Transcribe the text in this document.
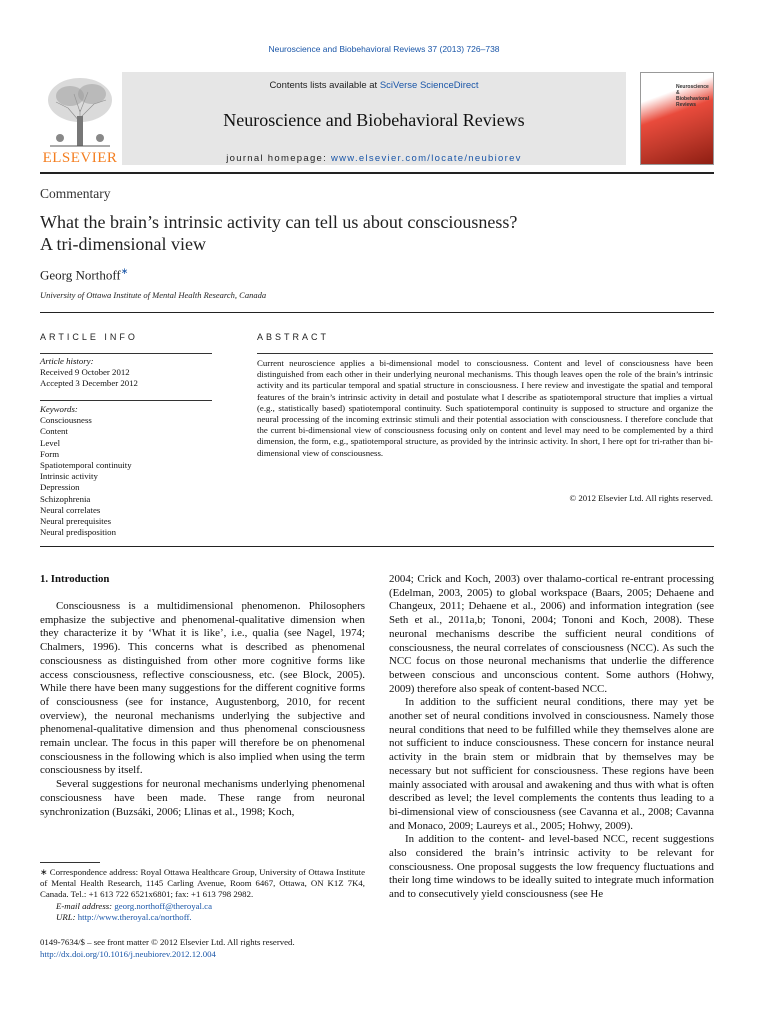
Neuroscience and Biobehavioral Reviews 37 (2013) 726–738
ELSEVIER
Contents lists available at SciVerse ScienceDirect
Neuroscience and Biobehavioral Reviews
journal homepage: www.elsevier.com/locate/neubiorev
Neuroscience & Biobehavioral Reviews
Commentary
What the brain’s intrinsic activity can tell us about consciousness?
A tri-dimensional view
Georg Northoff∗
University of Ottawa Institute of Mental Health Research, Canada
ARTICLE INFO	ABSTRACT
Article history:
Received 9 October 2012
Accepted 3 December 2012
Keywords:
Consciousness
Content
Level
Form
Spatiotemporal continuity
Intrinsic activity
Depression
Schizophrenia
Neural correlates
Neural prerequisites
Neural predisposition
Current neuroscience applies a bi-dimensional model to consciousness. Content and level of consciousness have been distinguished from each other in their underlying neuronal mechanisms. This though leaves open the role of the brain’s intrinsic activity and its particular temporal and spatial structure in consciousness. I here review and investigate the spatial and temporal features of the brain’s intrinsic activity in detail and postulate what I describe as spatiotemporal structure that implies a virtual (e.g., statistically based) spatiotemporal continuity. Such spatiotemporal continuity is supposed to structure and organize the neural processing of the incoming extrinsic stimuli and their potential association with consciousness. I therefore conclude that the current bi-dimensional view of consciousness focusing only on content and level may need to be complemented by a third dimension, the form, e.g., spatiotemporal structure, as provided by the intrinsic activity. In short, I here opt for tri-rather than bi-dimensional view of consciousness.
© 2012 Elsevier Ltd. All rights reserved.
1. Introduction

Consciousness is a multidimensional phenomenon. Philosophers emphasize the subjective and phenomenal-qualitative dimension when they characterize it by ‘What it is like’, i.e., qualia (see Nagel, 1974; Chalmers, 1996). This concerns what is described as phenomenal consciousness as distinguished from other more cognitive forms like access consciousness, reflective consciousness, etc. (see Block, 2005). While there have been many suggestions for the different cognitive forms of consciousness (see for instance, Augustenborg, 2010, for recent overview), the neuronal mechanisms underlying the subjective and phenomenal-qualitative dimension and thus phenomenal consciousness remain unclear. The focus in this paper will therefore be on phenomenal consciousness in the following which is also implied when using the term consciousness by itself.

Several suggestions for neuronal mechanisms underlying phenomenal consciousness have been made. These range from neuronal synchronization (Buzsáki, 2006; Llinas et al., 1998; Koch,

2004; Crick and Koch, 2003) over thalamo-cortical re-entrant processing (Edelman, 2003, 2005) to global workspace (Baars, 2005; Dehaene and Changeux, 2011; Dehaene et al., 2006) and information integration (see Seth et al., 2011a,b; Tononi, 2004; Tononi and Koch, 2008). These neuronal mechanisms describe the sufficient neural conditions of consciousness, the neural correlates of consciousness (NCC). As such the NCC focus on those neuronal mechanisms that underlie the difference between conscious and unconscious content. Some authors (Hohwy, 2009) therefore also speak of content-based NCC.

In addition to the sufficient neural conditions, there may yet be another set of neural conditions involved in consciousness. Namely those neural conditions that need to be fulfilled while they themselves alone are not sufficient to induce consciousness. These concern for instance neural activity in the brain stem or midbrain that by themselves may be necessary but not sufficient for consciousness. These regions have been mainly associated with arousal and awakening and thus with what is often described as level; the level complements the contents thus leading to a bi-dimensional view of consciousness (see Cavanna et al., 2008; Cavanna and Monaco, 2009; Laureys et al., 2005; Hohwy, 2009).

In addition to the content- and level-based NCC, recent suggestions also considered the brain’s intrinsic activity to be relevant for consciousness. One proposal suggests the low frequency fluctuations and their long time windows to be ideally suited to integrate much information and to consecutively yield consciousness (see He

∗ Correspondence address: Royal Ottawa Healthcare Group, University of Ottawa Institute of Mental Health Research, 1145 Carling Avenue, Room 6467, Ottawa, ON K1Z 7K4, Canada. Tel.: +1 613 722 6521x6801; fax: +1 613 798 2982.
E-mail address: georg.northoff@theroyal.ca
URL: http://www.theroyal.ca/northoff.
0149-7634/$ – see front matter © 2012 Elsevier Ltd. All rights reserved.
http://dx.doi.org/10.1016/j.neubiorev.2012.12.004
